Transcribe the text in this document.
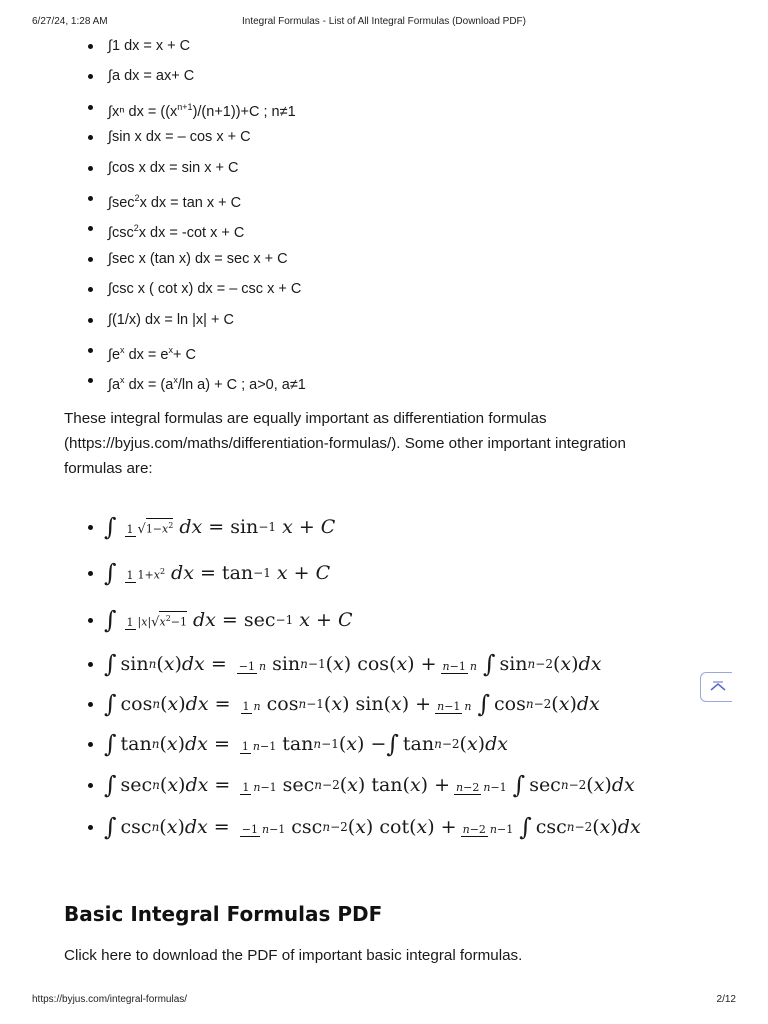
6/27/24, 1:28 AM	Integral Formulas - List of All Integral Formulas (Download PDF)
∫1 dx = x + C
∫a dx = ax+ C
∫xⁿ dx = $((x^{n+1})/(n+1))+C$ ; n≠1
∫sin x dx = – cos x + C
∫cos x dx = sin x + C
$\int\sec^2x$ dx = tan x + C
$\int\csc^2x$ dx = -cot x + C
∫sec x (tan x) dx = sec x + C
∫csc x ( cot x) dx = – csc x + C
∫(1/x) dx = ln |x| + C
$\int e^x$ dx = $e^x+ C$
$\int a^x$ dx = ($a^x/\ln$ a) + C ; a>0, a≠1

These integral formulas are equally important as differentiation formulas (https://byjus.com/maths/differentiation-formulas/). Some other important integration formulas are:

∫ 1 $√1-x^2$ dx = sin −1
x + C
∫ 1 $1+x^2$ dx = tan −1
x + C
∫ 1 $|x|√x^2-1$ dx = sec −1
x + C
∫ sin n ( x ) dx = −1 n sin n−1 ( x ) cos( x ) + n−1 n ∫ sin n−2 ( x ) dx
∫ cos n ( x ) dx = 1 n cos n−1 ( x ) sin( x ) + n−1 n ∫ cos n−2 ( x ) dx
∫ tan n ( x ) dx = 1 n−1 tan n−1 ( x ) − ∫ tan n−2 ( x ) dx
∫ sec n ( x ) dx = 1 n−1 sec n−2 ( x ) tan( x ) + n−2 n−1 ∫ sec n−2 ( x ) dx
∫ csc n ( x ) dx = −1 n−1 csc n−2 ( x ) cot( x ) + n−2 n−1 ∫ csc n−2 ( x ) dx
Basic Integral Formulas PDF

Click here to download the PDF of important basic integral formulas.

https://byjus.com/integral-formulas/	2/12
